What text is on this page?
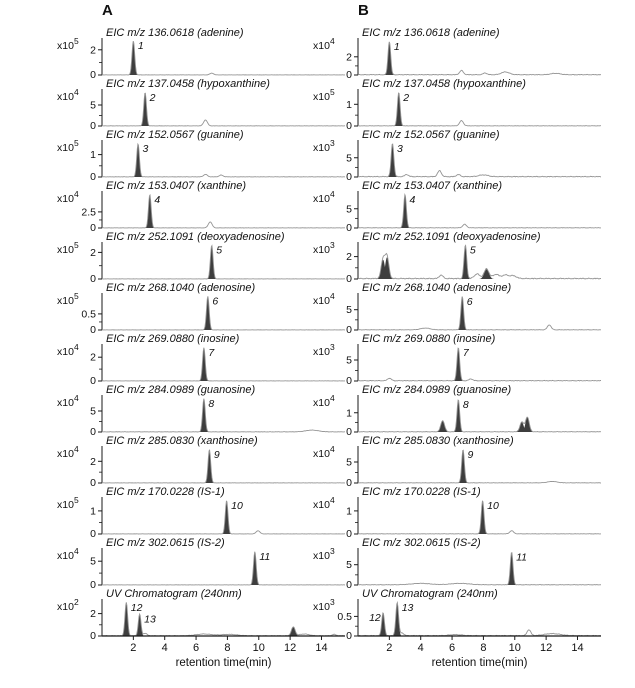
A
$x10^5$
2
0
1
EIC m/z 136.0618 (adenine)
$x10^4$
5
0
2
EIC m/z 137.0458 (hypoxanthine)
$x10^5$
1
0
3
EIC m/z 152.0567 (guanine)
$x10^4$
2.5
0
4
EIC m/z 153.0407 (xanthine)
$x10^5$
2
0
5
EIC m/z 252.1091 (deoxyadenosine)
$x10^5$
0.5
0
6
EIC m/z 268.1040 (adenosine)
$x10^4$
2
0
7
EIC m/z 269.0880 (inosine)
$x10^4$
5
0
8
EIC m/z 284.0989 (guanosine)
$x10^4$
2
0
9
EIC m/z 285.0830 (xanthosine)
$x10^5$
1
0
10
EIC m/z 170.0228 (IS-1)
$x10^4$
5
0
11
EIC m/z 302.0615 (IS-2)
$x10^2$
2
0
12
13
UV Chromatogram (240nm)
2 4 6 8 10 12 14
retention time(min)
B
$x10^4$
2
0
1
EIC m/z 136.0618 (adenine)
$x10^5$
1
0
2
EIC m/z 137.0458 (hypoxanthine)
$x10^3$
5
0
3
EIC m/z 152.0567 (guanine)
$x10^4$
5
0
4
EIC m/z 153.0407 (xanthine)
$x10^3$
2
0
5
EIC m/z 252.1091 (deoxyadenosine)
$x10^4$
5
0
6
EIC m/z 268.1040 (adenosine)
$x10^3$
5
0
7
EIC m/z 269.0880 (inosine)
$x10^4$
1
0
8
EIC m/z 284.0989 (guanosine)
$x10^4$
5
0
9
EIC m/z 285.0830 (xanthosine)
$x10^4$
1
0
10
EIC m/z 170.0228 (IS-1)
$x10^3$
5
0
11
EIC m/z 302.0615 (IS-2)
$x10^3$
0.5
0
12
13
UV Chromatogram (240nm)
2 4 6 8 10 12 14
retention time(min)
